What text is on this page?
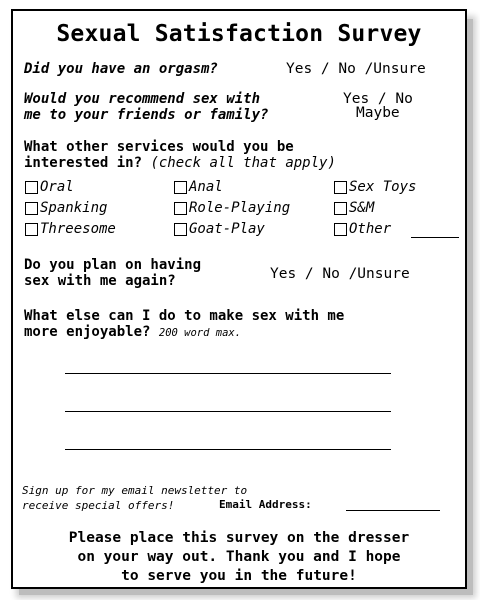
Sexual Satisfaction Survey
Did you have an orgasm?	Yes / No /Unsure
Would you recommend sex with
me to your friends or family?
Yes / No
Maybe
What other services would you be
interested in? (check all that apply)
Oral	Anal	Sex Toys
Spanking	Role-Playing	S&M
Threesome	Goat-Play	Other
Do you plan on having
sex with me again?	Yes / No /Unsure
What else can I do to make sex with me
more enjoyable? 200 word max.
Sign up for my email newsletter to
receive special offers!	Email Address:
Please place this survey on the dresser
on your way out. Thank you and I hope
to serve you in the future!
